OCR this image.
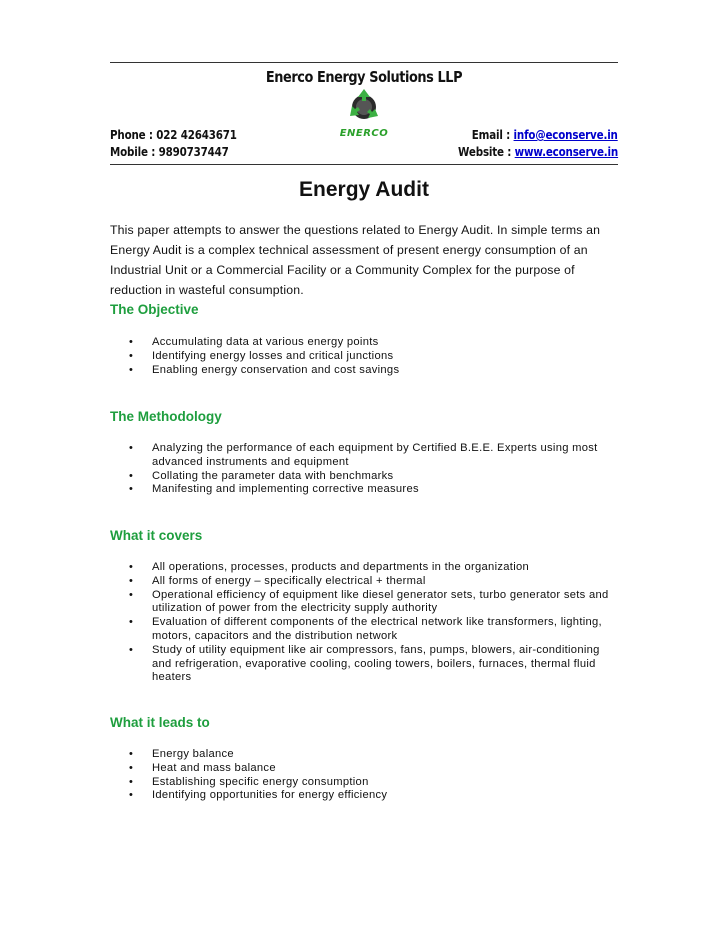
Enerco Energy Solutions LLP
ENERCO
Phone : 022 42643671
Mobile : 9890737447
Email : info@econserve.in
Website : www.econserve.in
Energy Audit
This paper attempts to answer the questions related to Energy Audit. In simple terms an Energy Audit is a complex technical assessment of present energy consumption of an Industrial Unit or a Commercial Facility or a Community Complex for the purpose of reduction in wasteful consumption.
The Objective
• Accumulating data at various energy points
• Identifying energy losses and critical junctions
• Enabling energy conservation and cost savings
The Methodology
• Analyzing the performance of each equipment by Certified B.E.E. Experts using most advanced instruments and equipment
• Collating the parameter data with benchmarks
• Manifesting and implementing corrective measures
What it covers
• All operations, processes, products and departments in the organization
• All forms of energy – specifically electrical + thermal
• Operational efficiency of equipment like diesel generator sets, turbo generator sets and utilization of power from the electricity supply authority
• Evaluation of different components of the electrical network like transformers, lighting, motors, capacitors and the distribution network
• Study of utility equipment like air compressors, fans, pumps, blowers, air-conditioning and refrigeration, evaporative cooling, cooling towers, boilers, furnaces, thermal fluid heaters
What it leads to
• Energy balance
• Heat and mass balance
• Establishing specific energy consumption
• Identifying opportunities for energy efficiency
